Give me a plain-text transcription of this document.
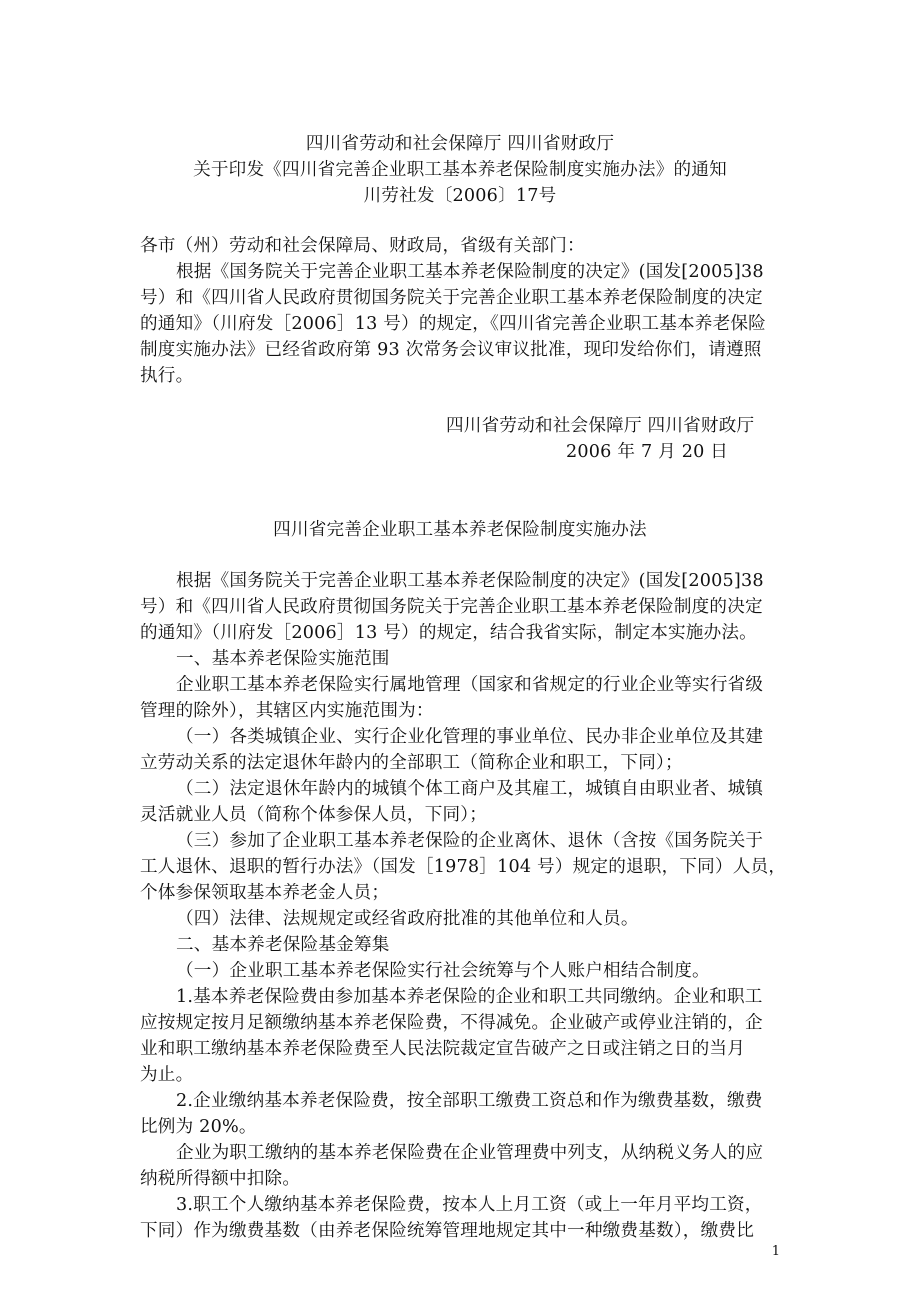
四川省劳动和社会保障厅 四川省财政厅
关于印发《四川省完善企业职工基本养老保险制度实施办法》的通知
川劳社发〔2006〕17号
各市（州）劳动和社会保障局、财政局，省级有关部门：
根据《国务院关于完善企业职工基本养老保险制度的决定》(国发[2005]38
号）和《四川省人民政府贯彻国务院关于完善企业职工基本养老保险制度的决定
的通知》（川府发［2006］13 号）的规定，《四川省完善企业职工基本养老保险
制度实施办法》已经省政府第 93 次常务会议审议批准，现印发给你们，请遵照
执行。
四川省劳动和社会保障厅 四川省财政厅
2006 年 7 月 20 日
四川省完善企业职工基本养老保险制度实施办法
根据《国务院关于完善企业职工基本养老保险制度的决定》(国发[2005]38
号）和《四川省人民政府贯彻国务院关于完善企业职工基本养老保险制度的决定
的通知》（川府发［2006］13 号）的规定，结合我省实际，制定本实施办法。
一、基本养老保险实施范围
企业职工基本养老保险实行属地管理（国家和省规定的行业企业等实行省级
管理的除外），其辖区内实施范围为：
（一）各类城镇企业、实行企业化管理的事业单位、民办非企业单位及其建
立劳动关系的法定退休年龄内的全部职工（简称企业和职工，下同）；
（二）法定退休年龄内的城镇个体工商户及其雇工，城镇自由职业者、城镇
灵活就业人员（简称个体参保人员，下同）；
（三）参加了企业职工基本养老保险的企业离休、退休（含按《国务院关于
工人退休、退职的暂行办法》（国发［1978］104 号）规定的退职，下同）人员，
个体参保领取基本养老金人员；
（四）法律、法规规定或经省政府批准的其他单位和人员。
二、基本养老保险基金筹集
（一）企业职工基本养老保险实行社会统筹与个人账户相结合制度。
1.基本养老保险费由参加基本养老保险的企业和职工共同缴纳。企业和职工
应按规定按月足额缴纳基本养老保险费，不得减免。企业破产或停业注销的，企
业和职工缴纳基本养老保险费至人民法院裁定宣告破产之日或注销之日的当月
为止。
2.企业缴纳基本养老保险费，按全部职工缴费工资总和作为缴费基数，缴费
比例为 20%。
企业为职工缴纳的基本养老保险费在企业管理费中列支，从纳税义务人的应
纳税所得额中扣除。
3.职工个人缴纳基本养老保险费，按本人上月工资（或上一年月平均工资，
下同）作为缴费基数（由养老保险统筹管理地规定其中一种缴费基数），缴费比
1
